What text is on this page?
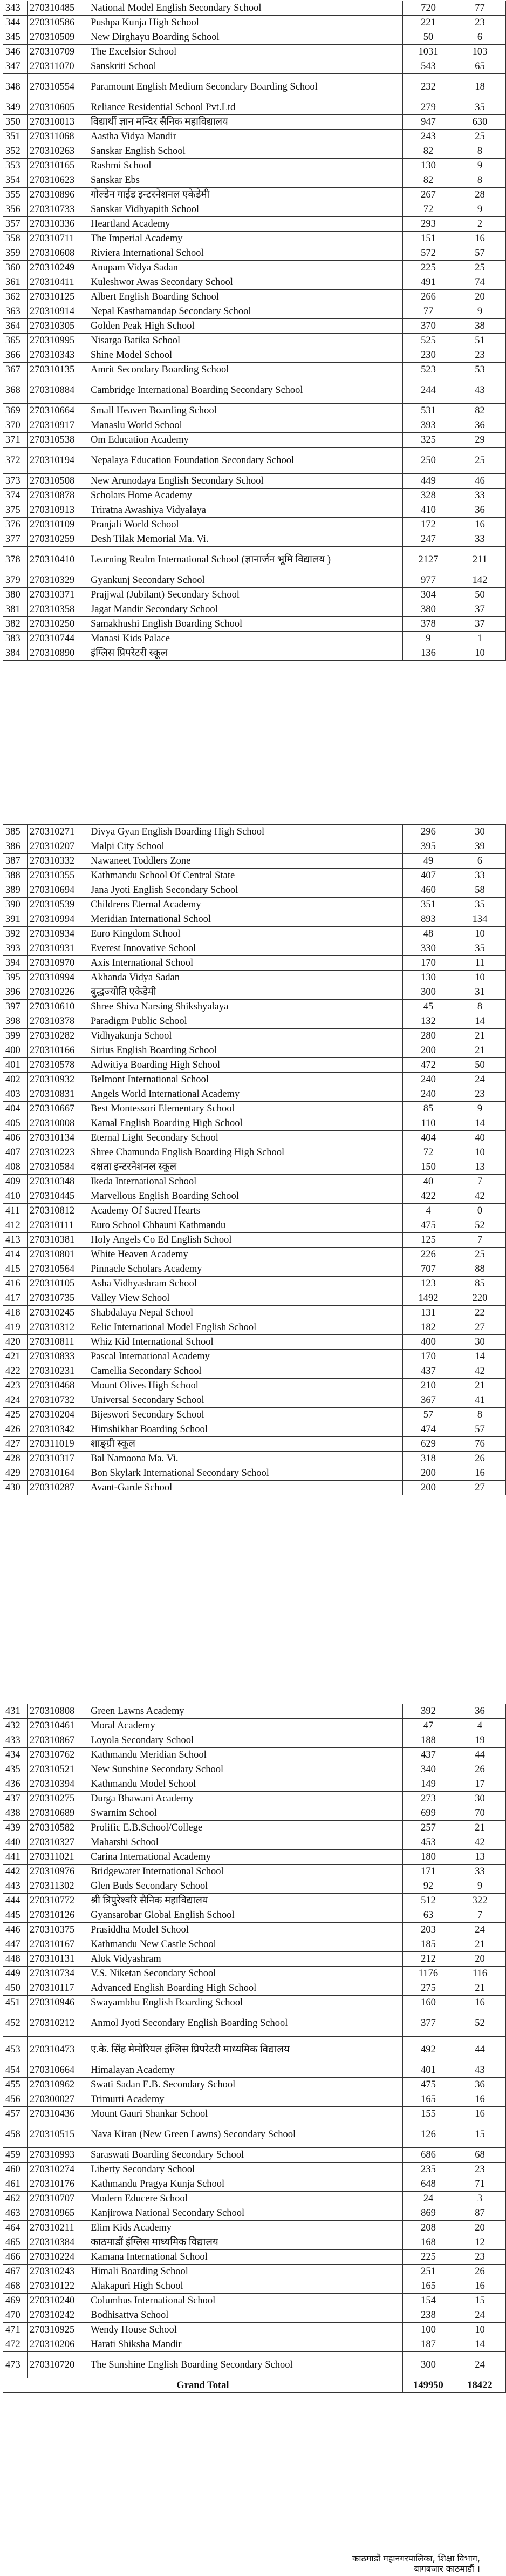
343	270310485	National Model English Secondary School	720	77
344	270310586	Pushpa Kunja High School	221	23
345	270310509	New Dirghayu Boarding School	50	6
346	270310709	The Excelsior School	1031	103
347	270311070	Sanskriti School	543	65
348	270310554	Paramount English Medium Secondary Boarding School	232	18
349	270310605	Reliance Residential School Pvt.Ltd	279	35
350	270310013	विद्यार्थी ज्ञान मन्दिर सैनिक महाविद्यालय	947	630
351	270311068	Aastha Vidya Mandir	243	25
352	270310263	Sanskar English School	82	8
353	270310165	Rashmi School	130	9
354	270310623	Sanskar Ebs	82	8
355	270310896	गोल्डेन गाईड इन्टरनेशनल एकेडेमी	267	28
356	270310733	Sanskar Vidhyapith School	72	9
357	270310336	Heartland Academy	293	2
358	270310711	The Imperial Academy	151	16
359	270310608	Riviera International School	572	57
360	270310249	Anupam Vidya Sadan	225	25
361	270310411	Kuleshwor Awas Secondary School	491	74
362	270310125	Albert English Boarding School	266	20
363	270310914	Nepal Kasthamandap Secondary School	77	9
364	270310305	Golden Peak High School	370	38
365	270310995	Nisarga Batika School	525	51
366	270310343	Shine Model School	230	23
367	270310135	Amrit Secondary Boarding School	523	53
368	270310884	Cambridge International Boarding Secondary School	244	43
369	270310664	Small Heaven Boarding School	531	82
370	270310917	Manaslu World School	393	36
371	270310538	Om Education Academy	325	29
372	270310194	Nepalaya Education Foundation Secondary School	250	25
373	270310508	New Arunodaya English Secondary School	449	46
374	270310878	Scholars Home Academy	328	33
375	270310913	Triratna Awashiya Vidyalaya	410	36
376	270310109	Pranjali World School	172	16
377	270310259	Desh Tilak Memorial Ma. Vi.	247	33
378	270310410	Learning Realm International School (ज्ञानार्जन भूमि विद्यालय )	2127	211
379	270310329	Gyankunj Secondary School	977	142
380	270310371	Prajjwal (Jubilant) Secondary School	304	50
381	270310358	Jagat Mandir Secondary School	380	37
382	270310250	Samakhushi English Boarding School	378	37
383	270310744	Manasi Kids Palace	9	1
384	270310890	इंग्लिस प्रिपरेटरी स्कूल	136	10
385	270310271	Divya Gyan English Boarding High School	296	30
386	270310207	Malpi City School	395	39
387	270310332	Nawaneet Toddlers Zone	49	6
388	270310355	Kathmandu School Of Central State	407	33
389	270310694	Jana Jyoti English Secondary School	460	58
390	270310539	Childrens Eternal Academy	351	35
391	270310994	Meridian International School	893	134
392	270310934	Euro Kingdom School	48	10
393	270310931	Everest Innovative School	330	35
394	270310970	Axis International School	170	11
395	270310994	Akhanda Vidya Sadan	130	10
396	270310226	बुद्धज्योति एकेडेमी	300	31
397	270310610	Shree Shiva Narsing Shikshyalaya	45	8
398	270310378	Paradigm Public School	132	14
399	270310282	Vidhyakunja School	280	21
400	270310166	Sirius English Boarding School	200	21
401	270310578	Adwitiya Boarding High School	472	50
402	270310932	Belmont International School	240	24
403	270310831	Angels World International Academy	240	23
404	270310667	Best Montessori Elementary School	85	9
405	270310008	Kamal English Boarding High School	110	14
406	270310134	Eternal Light Secondary School	404	40
407	270310223	Shree Chamunda English Boarding High School	72	10
408	270310584	दक्षता इन्टरनेशनल स्कूल	150	13
409	270310348	Ikeda International School	40	7
410	270310445	Marvellous English Boarding School	422	42
411	270310812	Academy Of Sacred Hearts	4	0
412	270310111	Euro School Chhauni Kathmandu	475	52
413	270310381	Holy Angels Co Ed English School	125	7
414	270310801	White Heaven Academy	226	25
415	270310564	Pinnacle Scholars Academy	707	88
416	270310105	Asha Vidhyashram School	123	85
417	270310735	Valley View School	1492	220
418	270310245	Shabdalaya Nepal School	131	22
419	270310312	Eelic International Model English School	182	27
420	270310811	Whiz Kid International School	400	30
421	270310833	Pascal International Academy	170	14
422	270310231	Camellia Secondary School	437	42
423	270310468	Mount Olives High School	210	21
424	270310732	Universal Secondary School	367	41
425	270310204	Bijeswori Secondary School	57	8
426	270310342	Himshikhar Boarding School	474	57
427	270311019	शाङ्ग्री स्कूल	629	76
428	270310317	Bal Namoona Ma. Vi.	318	26
429	270310164	Bon Skylark International Secondary School	200	16
430	270310287	Avant-Garde School	200	27
431	270310808	Green Lawns Academy	392	36
432	270310461	Moral Academy	47	4
433	270310867	Loyola Secondary School	188	19
434	270310762	Kathmandu Meridian School	437	44
435	270310521	New Sunshine Secondary School	340	26
436	270310394	Kathmandu Model School	149	17
437	270310275	Durga Bhawani Academy	273	30
438	270310689	Swarnim School	699	70
439	270310582	Prolific E.B.School/College	257	21
440	270310327	Maharshi School	453	42
441	270311021	Carina International Academy	180	13
442	270310976	Bridgewater International School	171	33
443	270311302	Glen Buds Secondary School	92	9
444	270310772	श्री त्रिपुरेश्वरि सैनिक महाविद्यालय	512	322
445	270310126	Gyansarobar Global English School	63	7
446	270310375	Prasiddha Model School	203	24
447	270310167	Kathmandu New Castle School	185	21
448	270310131	Alok Vidyashram	212	20
449	270310734	V.S. Niketan Secondary School	1176	116
450	270310117	Advanced English Boarding High School	275	21
451	270310946	Swayambhu English Boarding School	160	16
452	270310212	Anmol Jyoti Secondary English Boarding School	377	52
453	270310473	ए.के. सिंह मेमोरियल इंग्लिस प्रिपरेटरी माध्यमिक विद्यालय	492	44
454	270310664	Himalayan Academy	401	43
455	270310962	Swati Sadan E.B. Secondary School	475	36
456	270300027	Trimurti Academy	165	16
457	270310436	Mount Gauri Shankar School	155	16
458	270310515	Nava Kiran (New Green Lawns) Secondary School	126	15
459	270310993	Saraswati Boarding Secondary School	686	68
460	270310274	Liberty Secondary School	235	23
461	270310176	Kathmandu Pragya Kunja School	648	71
462	270310707	Modern Educere School	24	3
463	270310965	Kanjirowa National Secondary School	869	87
464	270310211	Elim Kids Academy	208	20
465	270310384	काठमाडौं इंग्लिस माध्यमिक विद्यालय	168	12
466	270310224	Kamana International School	225	23
467	270310243	Himali Boarding School	251	26
468	270310122	Alakapuri High School	165	16
469	270310240	Columbus International School	154	15
470	270310242	Bodhisattva School	238	24
471	270310925	Wendy House School	100	10
472	270310206	Harati Shiksha Mandir	187	14
473	270310720	The Sunshine English Boarding Secondary School	300	24
Grand Total			149950	18422
काठमाडौं महानगरपालिका, शिक्षा विभाग,
बागबजार काठमाडौं ।
